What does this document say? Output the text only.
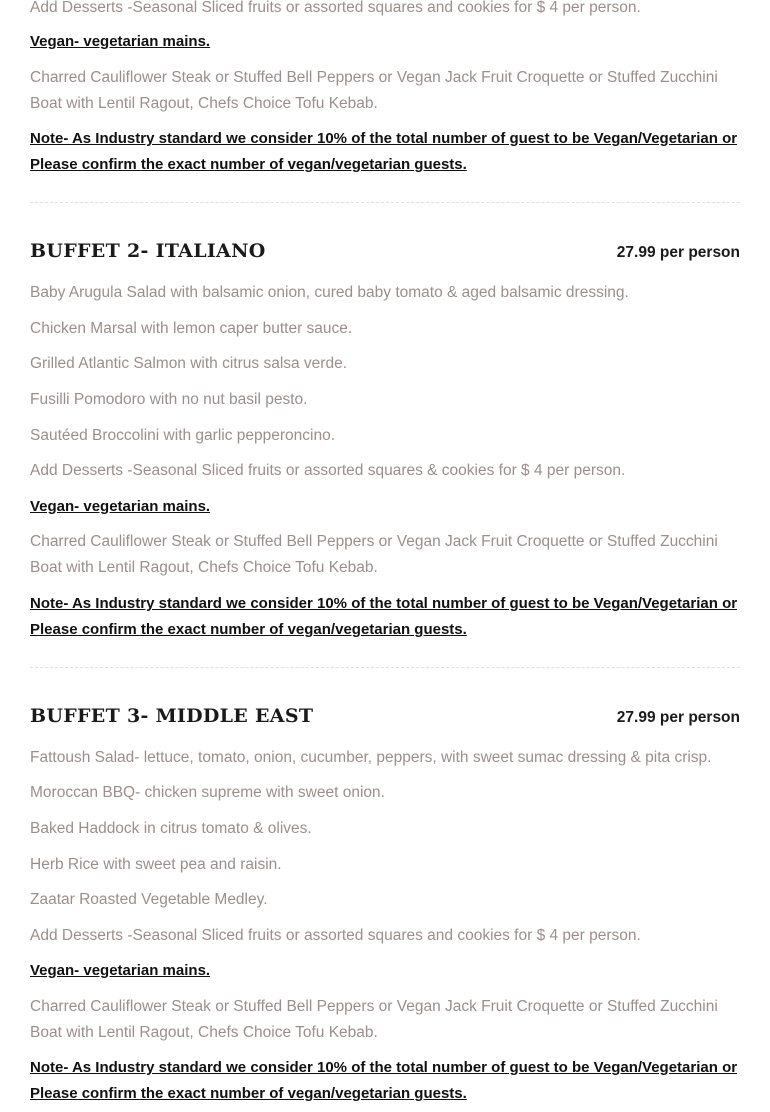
Add Desserts -Seasonal Sliced fruits or assorted squares and cookies for $ 4 per person.

Vegan- vegetarian mains.

Charred Cauliflower Steak or Stuffed Bell Peppers or Vegan Jack Fruit Croquette or Stuffed Zucchini Boat with Lentil Ragout, Chefs Choice Tofu Kebab.

Note- As Industry standard we consider 10% of the total number of guest to be Vegan/Vegetarian or Please confirm the exact number of vegan/vegetarian guests.

BUFFET 2- ITALIANO	27.99 per person

Baby Arugula Salad with balsamic onion, cured baby tomato & aged balsamic dressing.

Chicken Marsal with lemon caper butter sauce.

Grilled Atlantic Salmon with citrus salsa verde.

Fusilli Pomodoro with no nut basil pesto.

Sautéed Broccolini with garlic pepperoncino.

Add Desserts -Seasonal Sliced fruits or assorted squares & cookies for $ 4 per person.

Vegan- vegetarian mains.

Charred Cauliflower Steak or Stuffed Bell Peppers or Vegan Jack Fruit Croquette or Stuffed Zucchini Boat with Lentil Ragout, Chefs Choice Tofu Kebab.

Note- As Industry standard we consider 10% of the total number of guest to be Vegan/Vegetarian or Please confirm the exact number of vegan/vegetarian guests.

BUFFET 3- MIDDLE EAST	27.99 per person

Fattoush Salad- lettuce, tomato, onion, cucumber, peppers, with sweet sumac dressing & pita crisp.

Moroccan BBQ- chicken supreme with sweet onion.

Baked Haddock in citrus tomato & olives.

Herb Rice with sweet pea and raisin.

Zaatar Roasted Vegetable Medley.

Add Desserts -Seasonal Sliced fruits or assorted squares and cookies for $ 4 per person.

Vegan- vegetarian mains.

Charred Cauliflower Steak or Stuffed Bell Peppers or Vegan Jack Fruit Croquette or Stuffed Zucchini Boat with Lentil Ragout, Chefs Choice Tofu Kebab.

Note- As Industry standard we consider 10% of the total number of guest to be Vegan/Vegetarian or Please confirm the exact number of vegan/vegetarian guests.
